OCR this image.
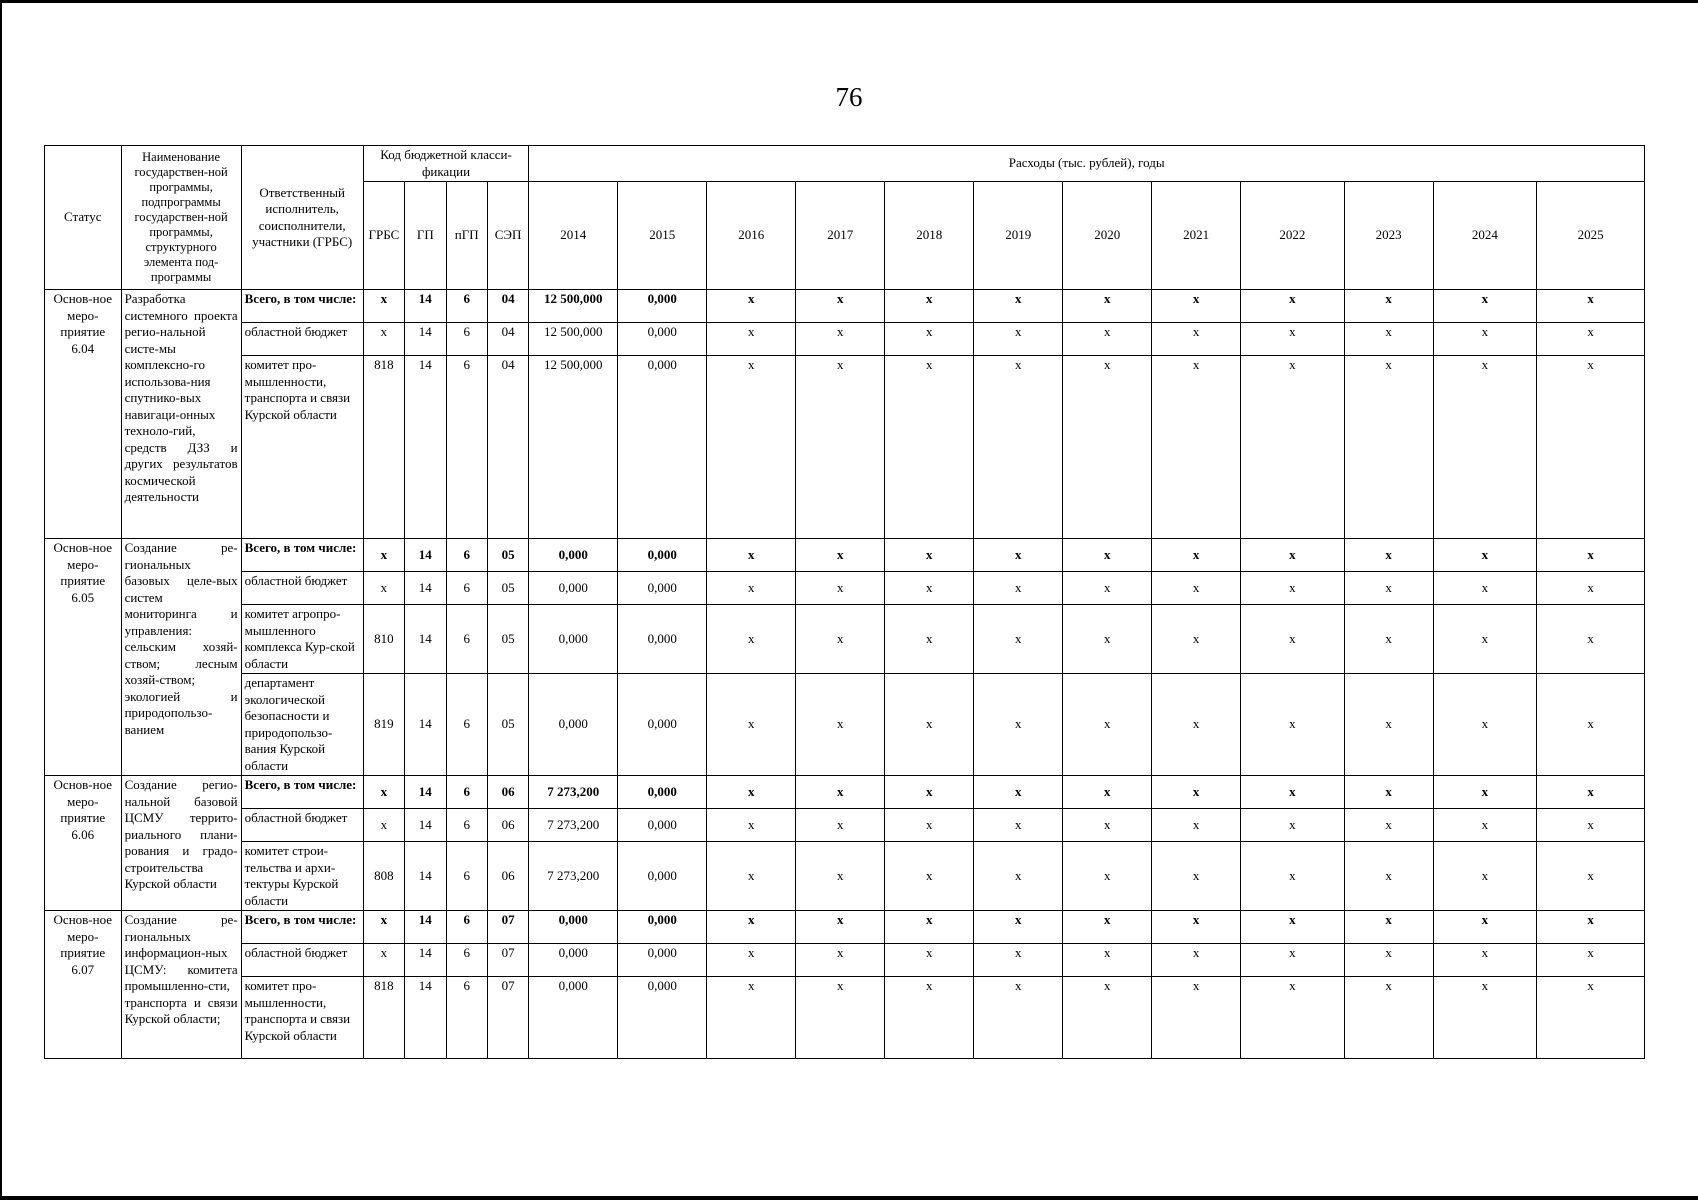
76
Статус	Наименование государствен-ной программы, подпрограммы государствен-ной программы, структурного элемента под-программы	Ответственный исполнитель, соисполнители, участники (ГРБС)	Код бюджетной класси-фикации				Расходы (тыс. рублей), годы											
			ГРБС	ГП	пГП	СЭП	2014	2015	2016	2017	2018	2019	2020	2021	2022	2023	2024	2025
Основ-ное меро-приятие 6.04	Разработка системного проекта регио-нальной систе-мы комплексно-го использова-ния спутнико-вых навигаци-онных техноло-гий, средств ДЗЗ и других результатов космической деятельности	Всего, в том числе:	х	14	6	04	12 500,000	0,000	х	х	х	х	х	х	х	х	х	х
		областной бюджет	х	14	6	04	12 500,000	0,000	х	х	х	х	х	х	х	х	х	х
		комитет про-мышленности, транспорта и связи Курской области	818	14	6	04	12 500,000	0,000	х	х	х	х	х	х	х	х	х	х
Основ-ное меро-приятие 6.05	Создание ре-гиональных базовых целе-вых систем мониторинга и управления: сельским хозяй-ством; лесным хозяй-ством; экологией и природопользо-ванием	Всего, в том числе:	х	14	6	05	0,000	0,000	х	х	х	х	х	х	х	х	х	х
		областной бюджет	х	14	6	05	0,000	0,000	х	х	х	х	х	х	х	х	х	х
		комитет агропро-мышленного комплекса Кур-ской области	810	14	6	05	0,000	0,000	х	х	х	х	х	х	х	х	х	х
		департамент экологической безопасности и природопользо-вания Курской области	819	14	6	05	0,000	0,000	х	х	х	х	х	х	х	х	х	х
Основ-ное меро-приятие 6.06	Создание регио-нальной базовой ЦСМУ террито-риального плани-рования и градо-строительства Курской области	Всего, в том числе:	х	14	6	06	7 273,200	0,000	х	х	х	х	х	х	х	х	х	х
		областной бюджет	х	14	6	06	7 273,200	0,000	х	х	х	х	х	х	х	х	х	х
		комитет строи-тельства и архи-тектуры Курской области	808	14	6	06	7 273,200	0,000	х	х	х	х	х	х	х	х	х	х
Основ-ное меро-приятие 6.07	Создание ре-гиональных информацион-ных ЦСМУ: комитета промышленно-сти, транспорта и связи Курской области;	Всего, в том числе:	х	14	6	07	0,000	0,000	х	х	х	х	х	х	х	х	х	х
		областной бюджет	х	14	6	07	0,000	0,000	х	х	х	х	х	х	х	х	х	х
		комитет про-мышленности, транспорта и связи Курской области	818	14	6	07	0,000	0,000	х	х	х	х	х	х	х	х	х	х
